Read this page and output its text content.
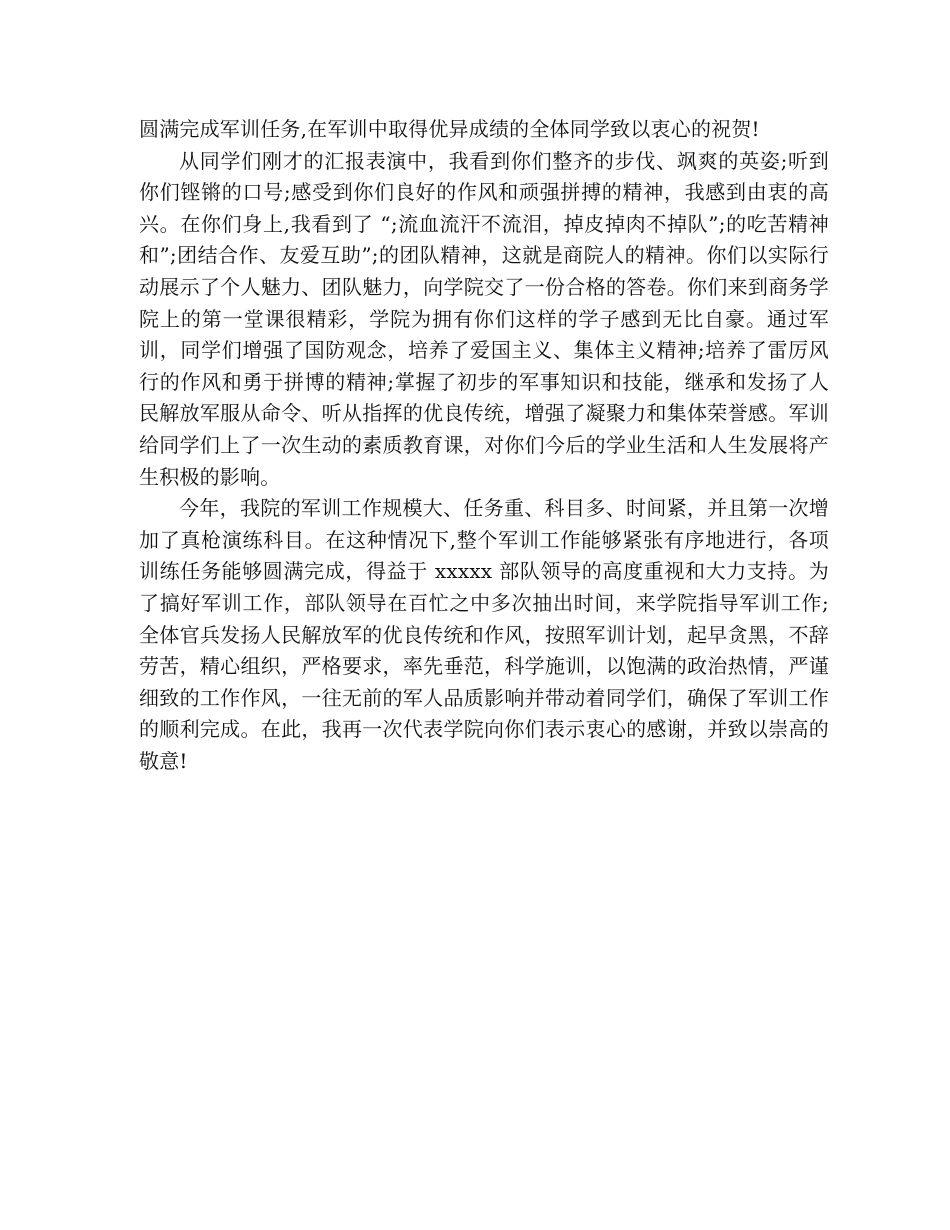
圆满完成军训任务,在军训中取得优异成绩的全体同学致以衷心的祝贺!

从同学们刚才的汇报表演中，我看到你们整齐的步伐、飒爽的英姿;听到你们铿锵的口号;感受到你们良好的作风和顽强拼搏的精神，我感到由衷的高兴。在你们身上,我看到了 “;流血流汗不流泪，掉皮掉肉不掉队”;的吃苦精神和”;团结合作、友爱互助”;的团队精神，这就是商院人的精神。你们以实际行动展示了个人魅力、团队魅力，向学院交了一份合格的答卷。你们来到商务学院上的第一堂课很精彩，学院为拥有你们这样的学子感到无比自豪。通过军训，同学们增强了国防观念，培养了爱国主义、集体主义精神;培养了雷厉风行的作风和勇于拼博的精神;掌握了初步的军事知识和技能，继承和发扬了人民解放军服从命令、听从指挥的优良传统，增强了凝聚力和集体荣誉感。军训给同学们上了一次生动的素质教育课，对你们今后的学业生活和人生发展将产生积极的影响。

今年，我院的军训工作规模大、任务重、科目多、时间紧，并且第一次增加了真枪演练科目。在这种情况下,整个军训工作能够紧张有序地进行，各项训练任务能够圆满完成，得益于 xxxxx 部队领导的高度重视和大力支持。为了搞好军训工作，部队领导在百忙之中多次抽出时间，来学院指导军训工作;全体官兵发扬人民解放军的优良传统和作风，按照军训计划，起早贪黑，不辞劳苦，精心组织，严格要求，率先垂范，科学施训，以饱满的政治热情，严谨细致的工作作风，一往无前的军人品质影响并带动着同学们，确保了军训工作的顺利完成。在此，我再一次代表学院向你们表示衷心的感谢，并致以崇高的敬意!
